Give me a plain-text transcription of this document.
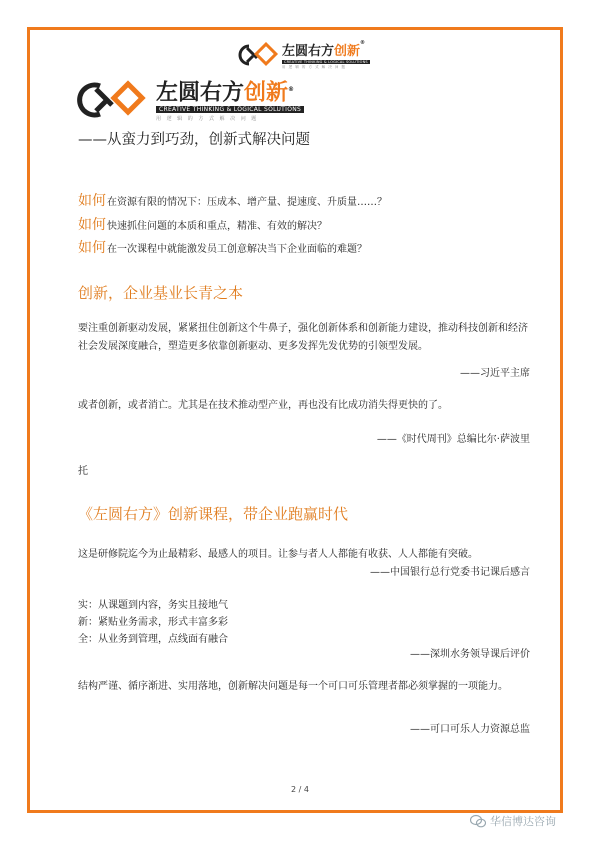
左圆右方创新®
CREATIVE THINKING & LOGICAL SOLUTIONS
用 逻 辑 的 方 式 解 决 问 题
左圆右方创新®
CREATIVE THINKING & LOGICAL SOLUTIONS
用 逻 辑 的 方 式 解 决 问 题
——从蛮力到巧劲，创新式解决问题
如何在资源有限的情况下：压成本、增产量、提速度、升质量……？
如何快速抓住问题的本质和重点，精准、有效的解决？
如何在一次课程中就能激发员工创意解决当下企业面临的难题？
创新，企业基业长青之本
要注重创新驱动发展，紧紧扭住创新这个牛鼻子，强化创新体系和创新能力建设，推动科技创新和经济社会发展深度融合，塑造更多依靠创新驱动、更多发挥先发优势的引领型发展。
——习近平主席
或者创新，或者消亡。尤其是在技术推动型产业，再也没有比成功消失得更快的了。
——《时代周刊》总编比尔·萨波里
托
《左圆右方》创新课程，带企业跑赢时代
这是研修院迄今为止最精彩、最感人的项目。让参与者人人都能有收获、人人都能有突破。
——中国银行总行党委书记课后感言
实：从课题到内容，务实且接地气
新：紧贴业务需求，形式丰富多彩
全：从业务到管理，点线面有融合
——深圳水务领导课后评价
结构严谨、循序渐进、实用落地，创新解决问题是每一个可口可乐管理者都必须掌握的一项能力。
——可口可乐人力资源总监
2 / 4
华信博达咨询
